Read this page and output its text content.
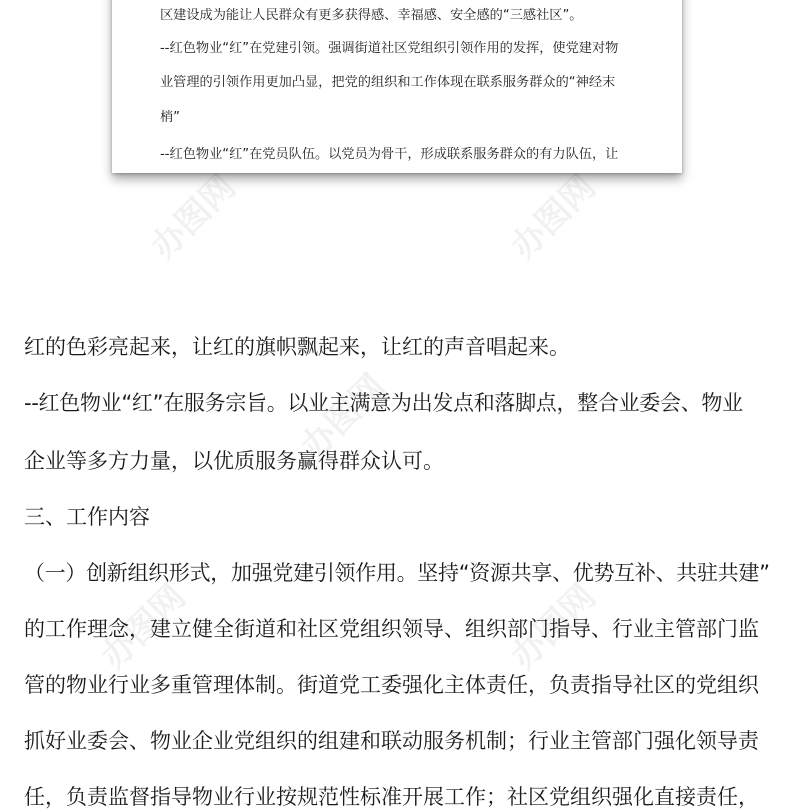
办图网	办图网
办图网
办图网	办图网
区建设成为能让人民群众有更多获得感、幸福感、安全感的“三感社区”。
--红色物业“红”在党建引领。强调街道社区党组织引领作用的发挥，使党建对物
业管理的引领作用更加凸显，把党的组织和工作体现在联系服务群众的“神经末
梢”
--红色物业“红”在党员队伍。以党员为骨干，形成联系服务群众的有力队伍，让
红的色彩亮起来，让红的旗帜飘起来，让红的声音唱起来。
--红色物业“红”在服务宗旨。以业主满意为出发点和落脚点，整合业委会、物业
企业等多方力量，以优质服务赢得群众认可。
三、工作内容
（一）创新组织形式，加强党建引领作用。坚持“资源共享、优势互补、共驻共建”
的工作理念，建立健全街道和社区党组织领导、组织部门指导、行业主管部门监
管的物业行业多重管理体制。街道党工委强化主体责任，负责指导社区的党组织
抓好业委会、物业企业党组织的组建和联动服务机制；行业主管部门强化领导责
任，负责监督指导物业行业按规范性标准开展工作；社区党组织强化直接责任，
